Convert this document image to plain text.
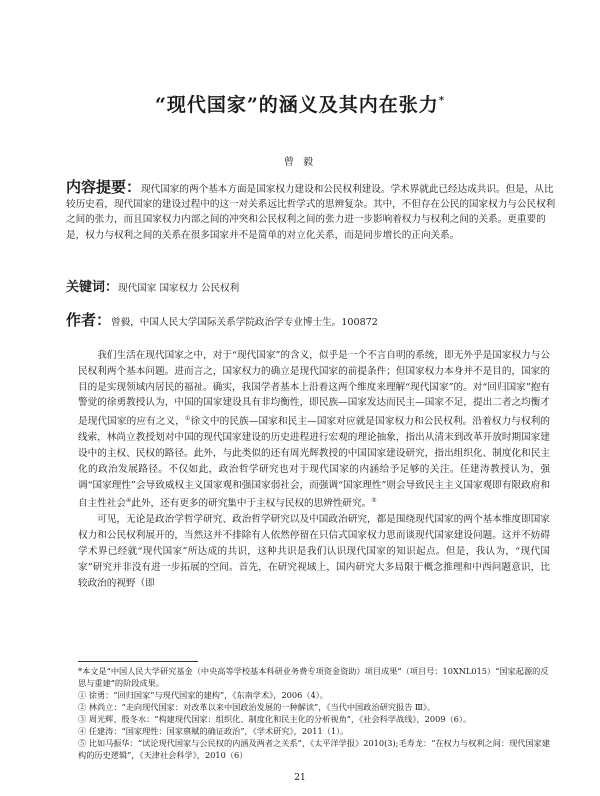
“现代国家”的涵义及其内在张力*
曾 毅
内容提要：现代国家的两个基本方面是国家权力建设和公民权利建设。学术界就此已经达成共识。但是，从比较历史看，现代国家的建设过程中的这一对关系远比哲学式的思辨复杂。其中，不但存在公民的国家权力与公民权利之间的张力，而且国家权力内部之间的冲突和公民权利之间的张力进一步影响着权力与权利之间的关系。更重要的是，权力与权利之间的关系在很多国家并不是简单的对立化关系，而是同步增长的正向关系。
关键词：现代国家 国家权力 公民权利
作者：曾毅，中国人民大学国际关系学院政治学专业博士生。100872

我们生活在现代国家之中，对于“现代国家”的含义，似乎是一个不言自明的系统，即无外乎是国家权力与公民权利两个基本问题。进而言之，国家权力的确立是现代国家的前提条件；但国家权力本身并不是目的，国家的目的是实现领域内居民的福祉。确实，我国学者基本上沿着这两个维度来理解“现代国家”的。对“回归国家”抱有警觉的徐勇教授认为，中国的国家建设具有非均衡性，即民族—国家发达而民主—国家不足，提出二者之均衡才是现代国家的应有之义，①徐文中的民族—国家和民主—国家对应就是国家权力和公民权利。沿着权力与权利的线索，林尚立教授划对中国的现代国家建设的历史进程进行宏观的理论抽象，指出从清末到改革开放时期国家建设中的主权、民权的路径。此外，与此类似的还有周光辉教授的中国国家建设研究，指出组织化、制度化和民主化的政治发展路径。不仅如此，政治哲学研究也对于现代国家的内涵给予足够的关注。任建涛教授认为，强调“国家理性”会导致威权主义国家观和强国家弱社会，而强调“国家理性”则会导致民主主义国家观即有限政府和自主性社会④此外，还有更多的研究集中于主权与民权的思辨性研究。⑤

可见，无论是政治学哲学研究、政治哲学研究以及中国政治研究，都是围绕现代国家的两个基本维度即国家权力和公民权利展开的，当然这并不排除有人依然停留在只信式国家权力思而谈现代国家建设问题。这并不妨碍学术界已经就“现代国家”所达成的共识，这种共识是我们认识现代国家的知识起点。但是，我认为，“现代国家”研究并非没有进一步拓展的空间。首先，在研究视域上，国内研究大多局限于概念推理和中西问题意识，比较政治的视野（即

*本文是“中国人民大学研究基金（中央高等学校基本科研业务费专项资金资助）项目成果”（项目号：10XNL015）“国家起源的反思与重建”的阶段成果。

① 徐勇：“回归国家”与现代国家的建构”，《东南学术》，2006（4）。

② 林尚立：“走向现代国家：对改革以来中国政治发展的一种解读”，《当代中国政治研究报告 Ⅲ》。

③ 周光辉、殷冬水：“构建现代国家：组织化、制度化和民主化的分析视角”，《社会科学战线》，2009（6）。

④ 任建涛：“国家理性：国家禀赋的确证政治”，《学术研究》，2011（1）。

⑤ 比如马振华：“试论现代国家与公民权的内涵及两者之关系”，《太平洋学报》2010(3);毛寿龙：“在权力与权利之间：现代国家建构的历史逻辑”，《天津社会科学》，2010（6）

21
